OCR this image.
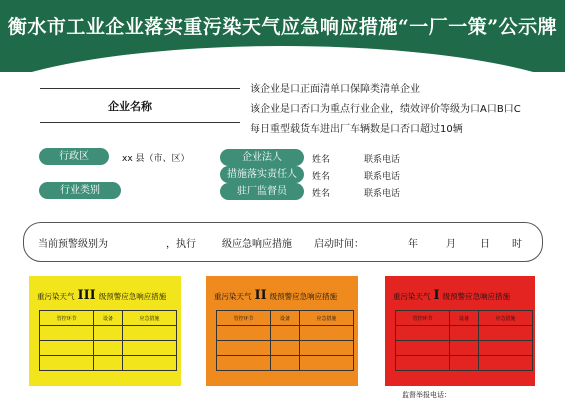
衡水市工业企业落实重污染天气应急响应措施“一厂一策”公示牌
企业名称
该企业是口正面清单口保障类清单企业
该企业是口否口为重点行业企业，绩效评价等级为口A口B口C
每日重型载货车进出厂车辆数是口否口超过10辆
行政区	xx 县（市、区）
行业类别
企业法人	姓名	联系电话
措施落实责任人	姓名	联系电话
驻厂监督员	姓名	联系电话
当前预警级别为	，执行	级应急响应措施 启动时间：	年	月 日 时
重污染天气 III 级预警应急响应措施
管控环节	设备	应急措施

重污染天气 II 级预警应急响应措施
管控环节	设备	应急措施

重污染天气 I 级预警应急响应措施
管控环节	设备	应急措施

监督举报电话：
